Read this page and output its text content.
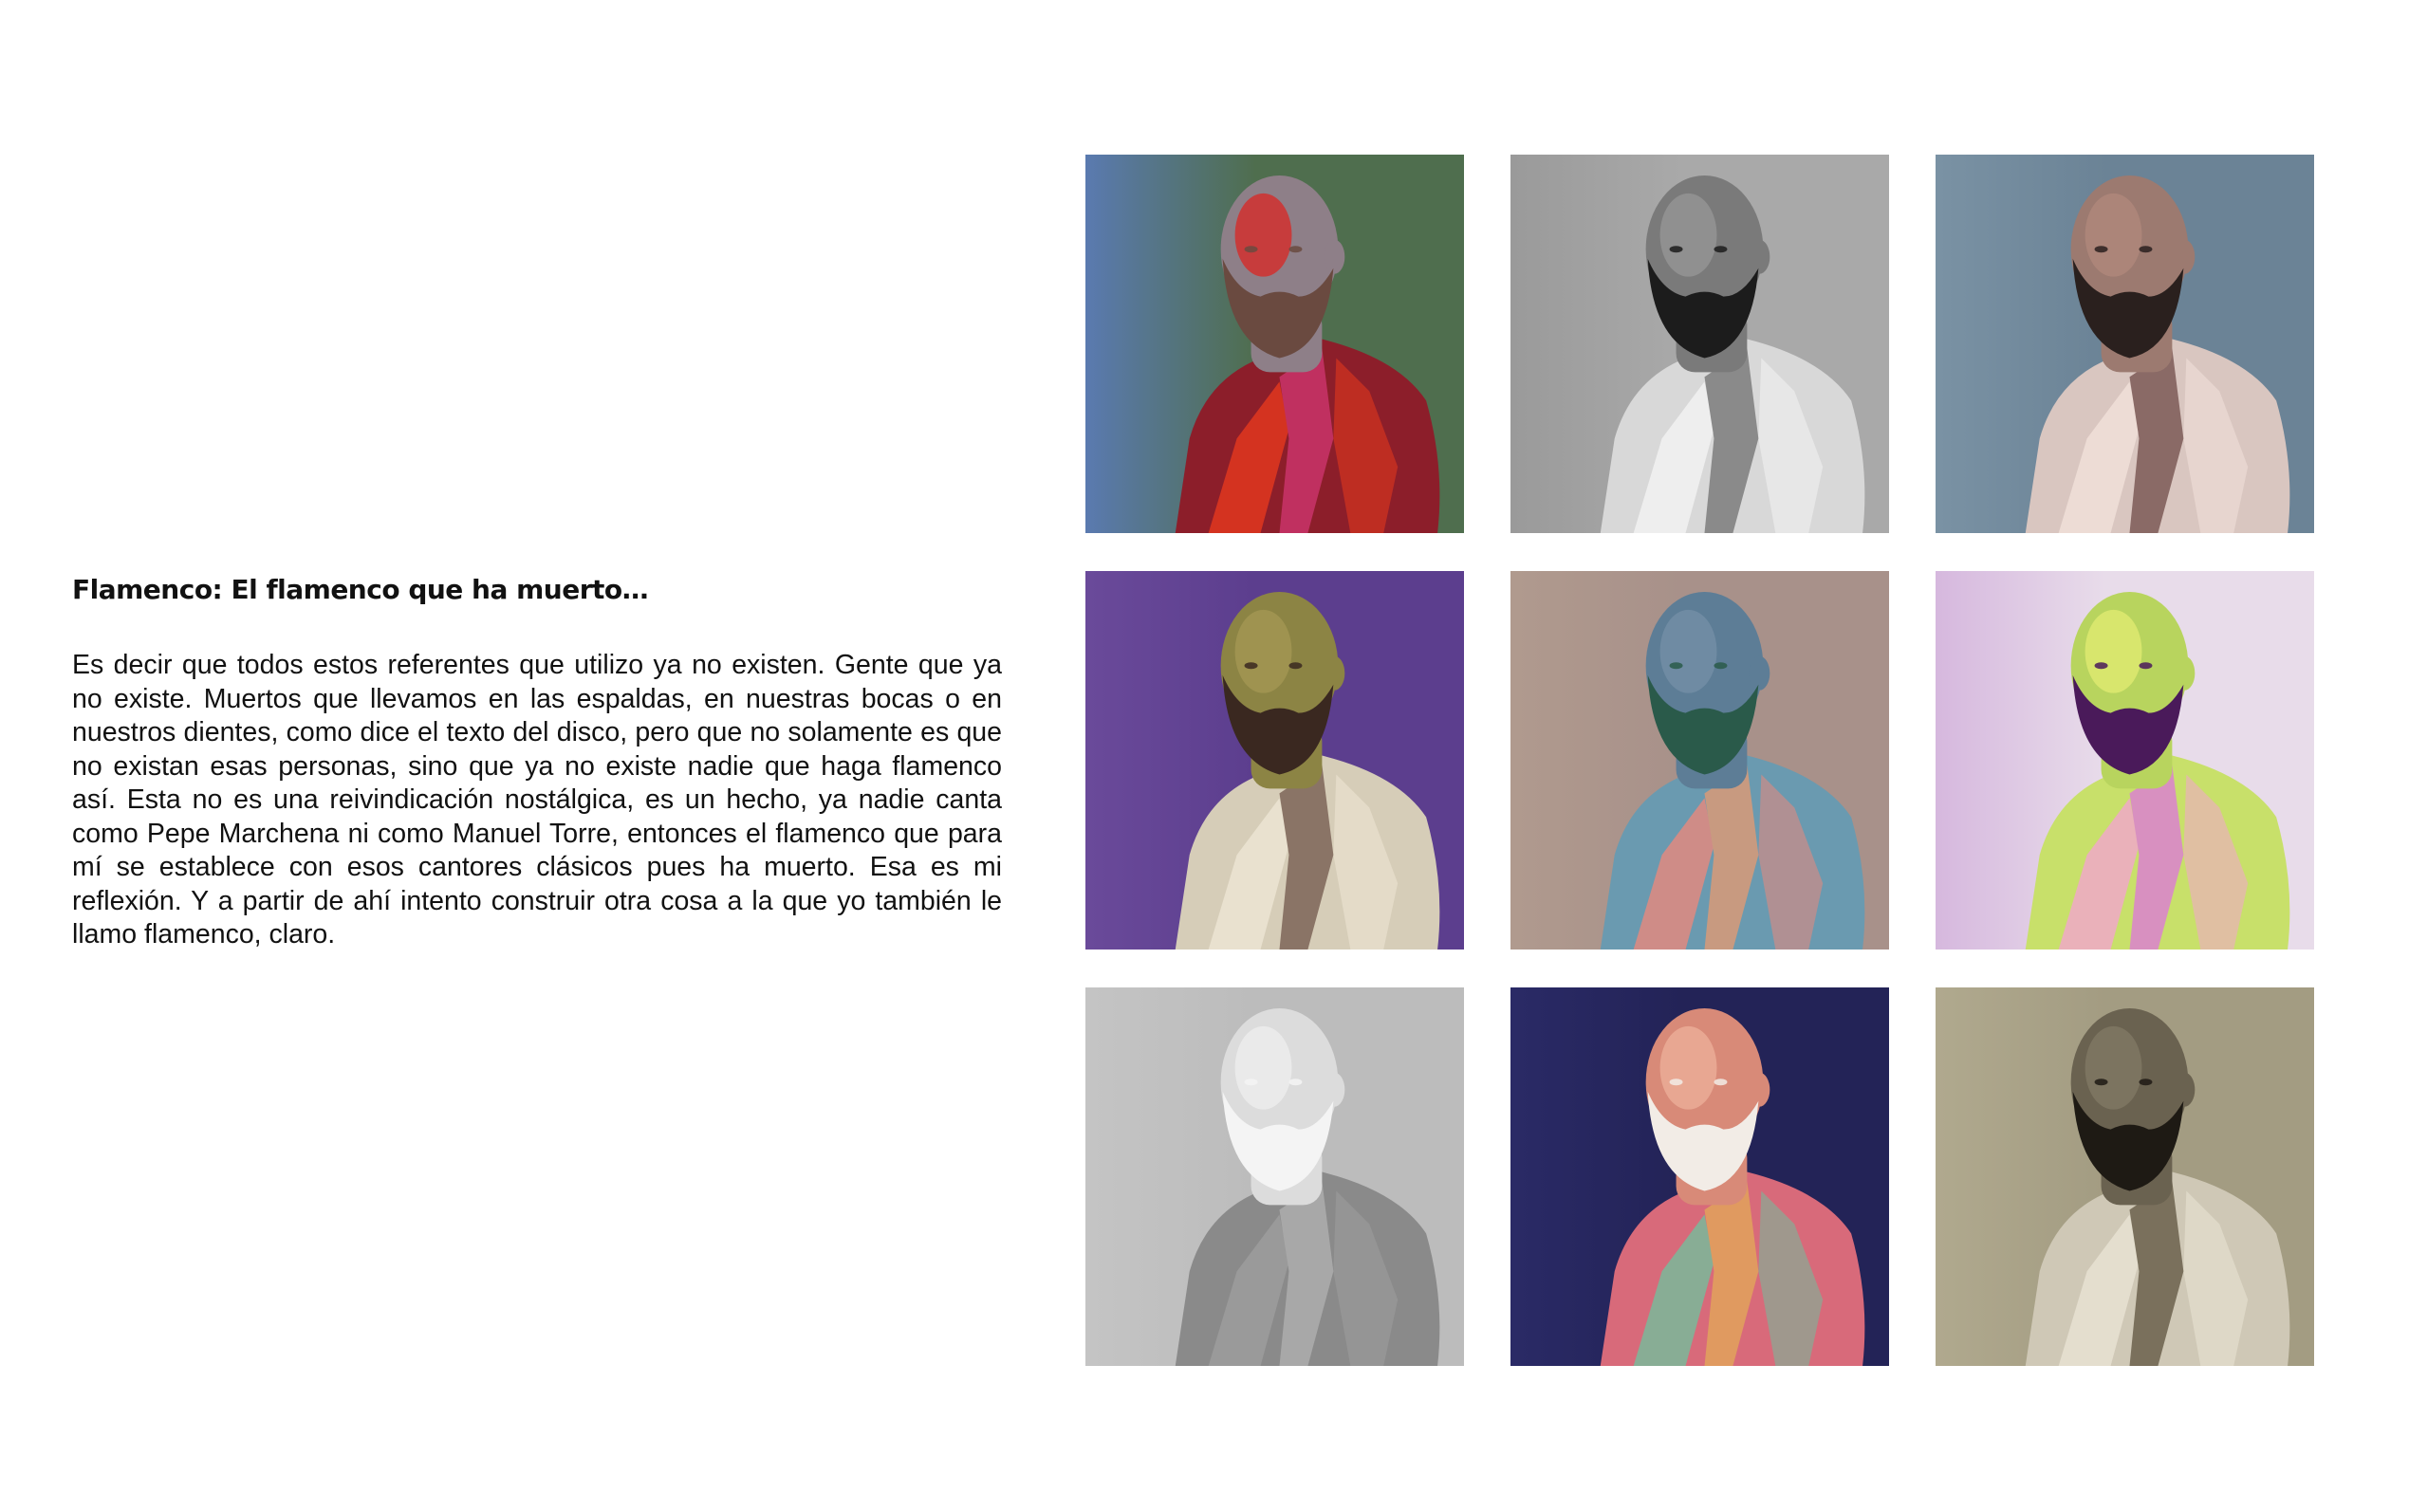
Flamenco: El flamenco que ha muerto…

Es decir que todos estos referentes que utilizo ya no existen. Gente que ya no existe. Muertos que llevamos en las espaldas, en nuestras bocas o en nuestros dientes, como dice el texto del disco, pero que no solamente es que no existan esas personas, sino que ya no existe nadie que haga flamenco así. Esta no es una reivindicación nostálgica, es un hecho, ya nadie canta como Pepe Marchena ni como Manuel Torre, entonces el flamenco que para mí se establece con esos cantores clásicos pues ha muerto. Esa es mi reflexión. Y a partir de ahí intento construir otra cosa a la que yo también le llamo flamenco, claro.
